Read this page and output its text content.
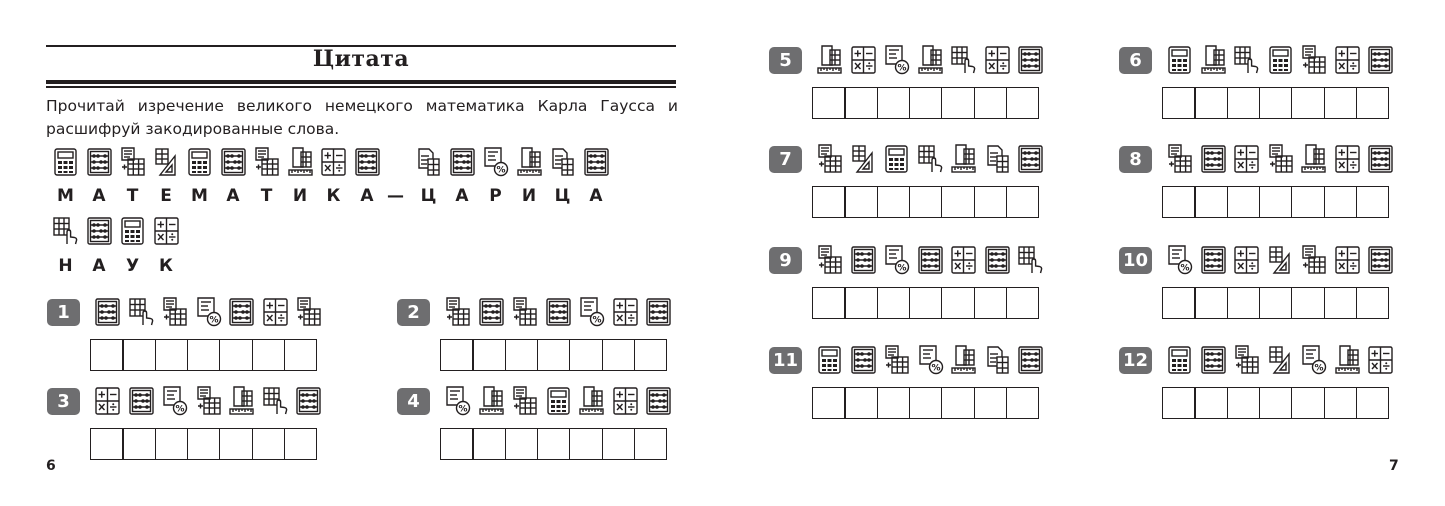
Цитата
Прочитай изречение великого немецкого математика Карла Гаусса и расшифруй закодированные слова.
6	7
М	А	Т	Е	М	А	Т	И	К	А —
%
Ц	А	Р	И	Ц	А
Н	А	У	К
1	%	2	%
3	%	4	%
5	%	6
7	8
9	%	10	%
11	%	12	%
